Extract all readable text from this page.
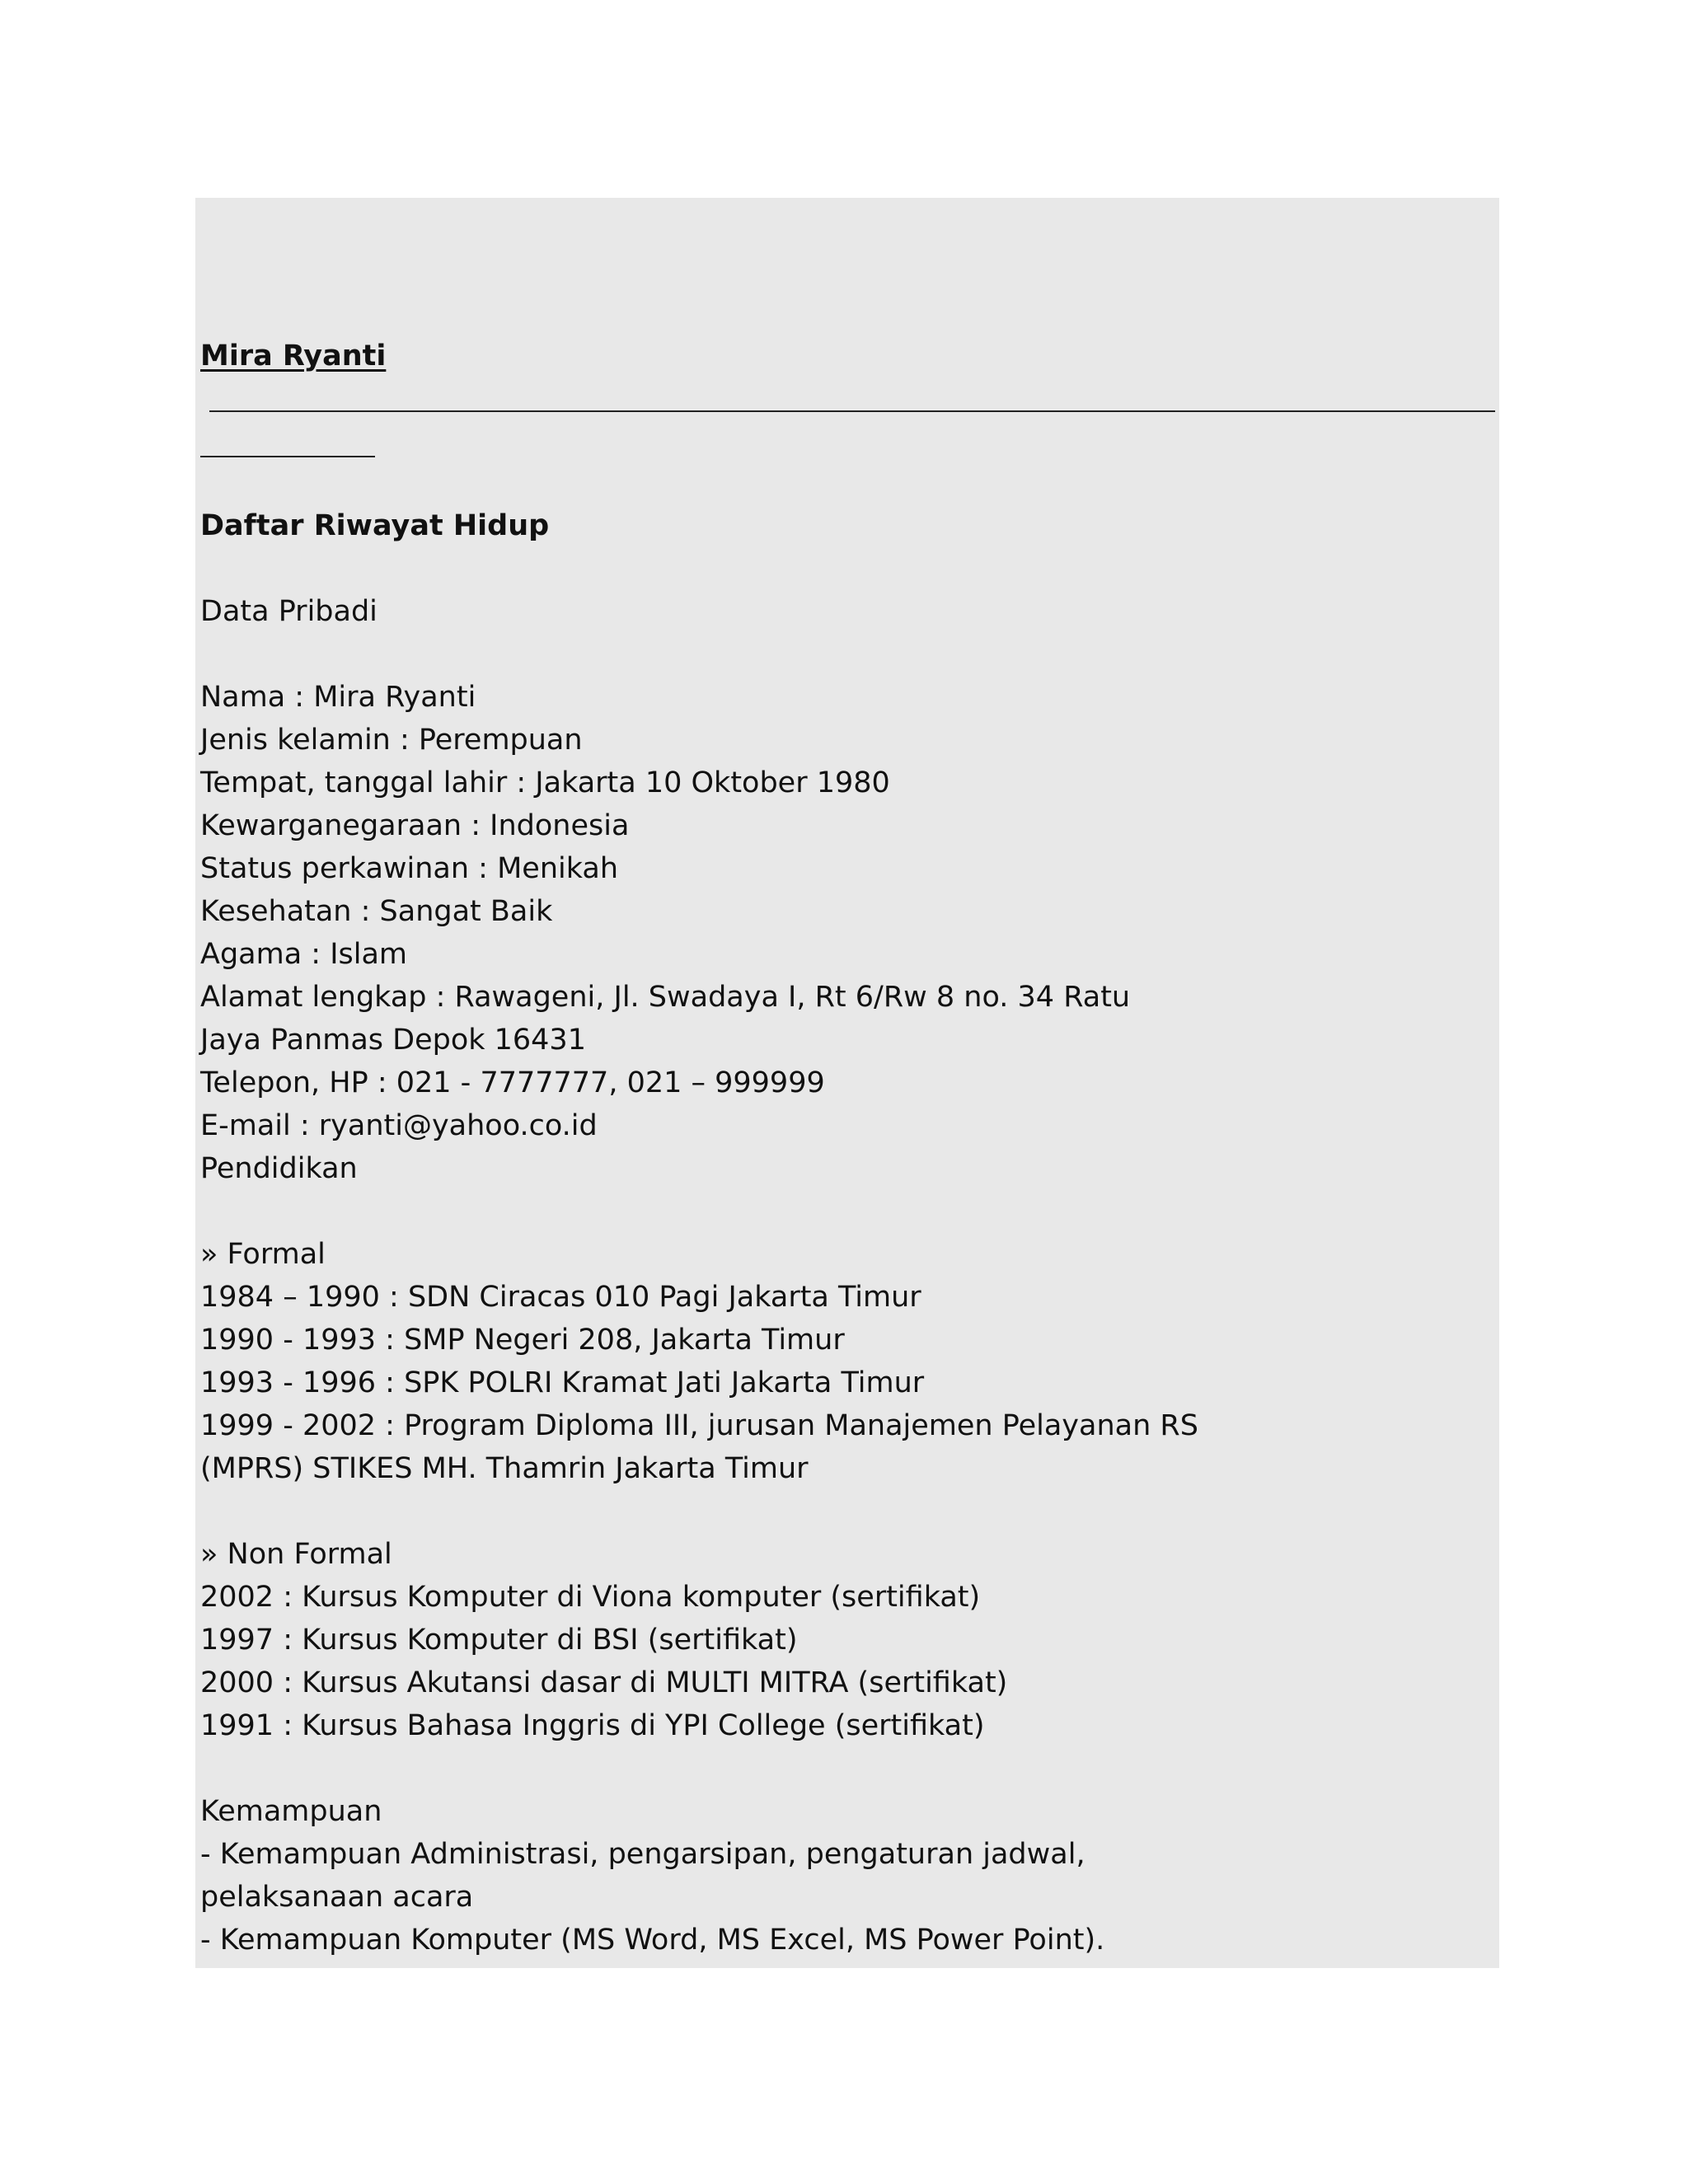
Mira Ryanti
Daftar Riwayat Hidup
Data Pribadi
Nama : Mira Ryanti
Jenis kelamin : Perempuan
Tempat, tanggal lahir : Jakarta 10 Oktober 1980
Kewarganegaraan : Indonesia
Status perkawinan : Menikah
Kesehatan : Sangat Baik
Agama : Islam
Alamat lengkap : Rawageni, Jl. Swadaya I, Rt 6/Rw 8 no. 34 Ratu
Jaya Panmas Depok 16431
Telepon, HP : 021 - 7777777, 021 – 999999
E-mail : ryanti@yahoo.co.id
Pendidikan
» Formal
1984 – 1990 : SDN Ciracas 010 Pagi Jakarta Timur
1990 - 1993 : SMP Negeri 208, Jakarta Timur
1993 - 1996 : SPK POLRI Kramat Jati Jakarta Timur
1999 - 2002 : Program Diploma III, jurusan Manajemen Pelayanan RS
(MPRS) STIKES MH. Thamrin Jakarta Timur
» Non Formal
2002 : Kursus Komputer di Viona komputer (sertifikat)
1997 : Kursus Komputer di BSI (sertifikat)
2000 : Kursus Akutansi dasar di MULTI MITRA (sertifikat)
1991 : Kursus Bahasa Inggris di YPI College (sertifikat)
Kemampuan
- Kemampuan Administrasi, pengarsipan, pengaturan jadwal,
pelaksanaan acara
- Kemampuan Komputer (MS Word, MS Excel, MS Power Point).
